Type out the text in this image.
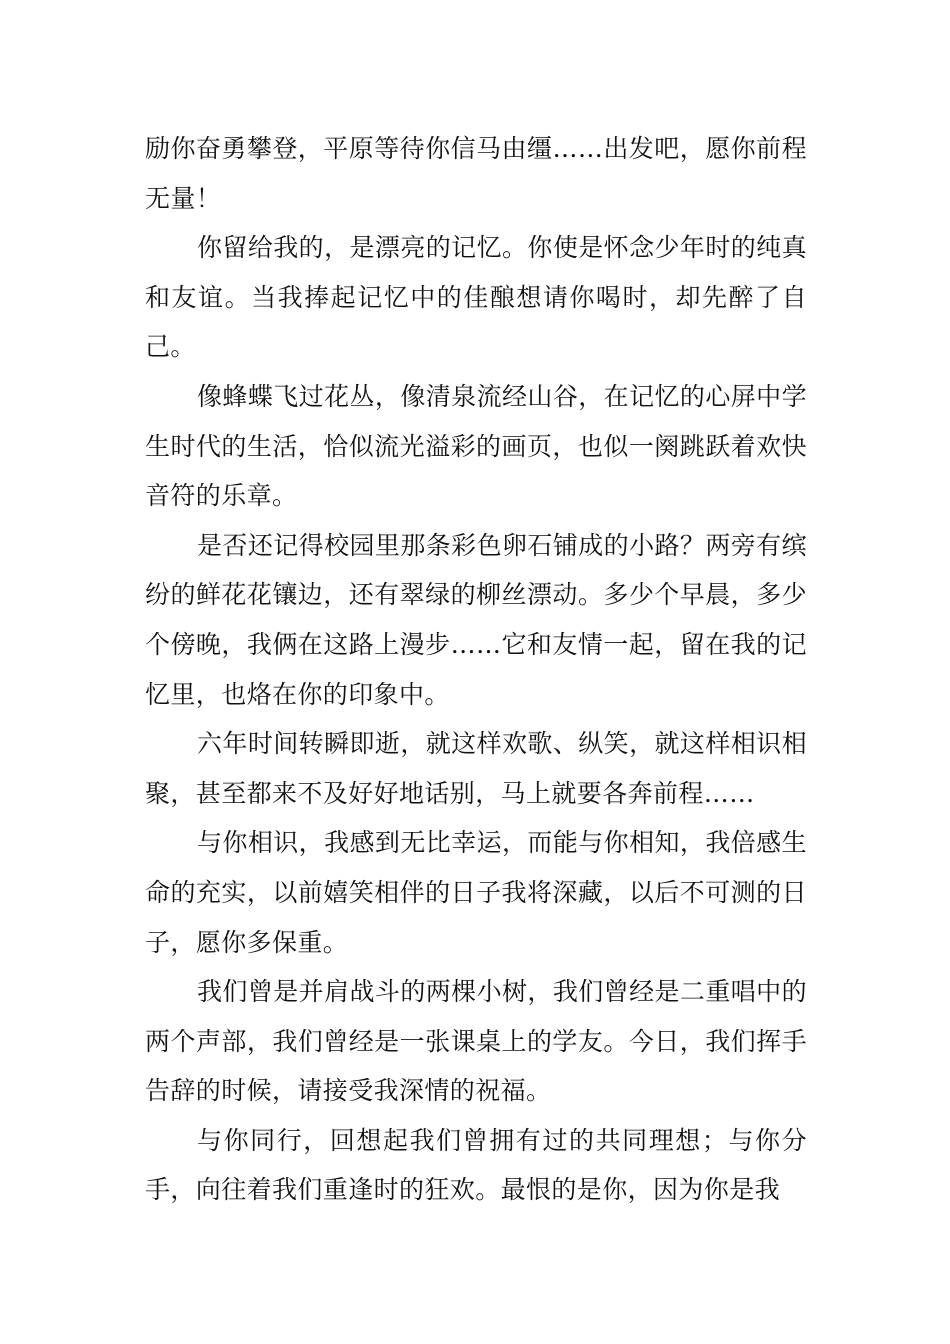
励你奋勇攀登，平原等待你信马由缰……出发吧，愿你前程无量！

你留给我的，是漂亮的记忆。你使是怀念少年时的纯真和友谊。当我捧起记忆中的佳酿想请你喝时，却先醉了自己。

像蜂蝶飞过花丛，像清泉流经山谷，在记忆的心屏中学生时代的生活，恰似流光溢彩的画页，也似一阕跳跃着欢快音符的乐章。

是否还记得校园里那条彩色卵石铺成的小路？两旁有缤纷的鲜花花镶边，还有翠绿的柳丝漂动。多少个早晨，多少个傍晚，我俩在这路上漫步……它和友情一起，留在我的记忆里，也烙在你的印象中。

六年时间转瞬即逝，就这样欢歌、纵笑，就这样相识相聚，甚至都来不及好好地话别，马上就要各奔前程……

与你相识，我感到无比幸运，而能与你相知，我倍感生命的充实，以前嬉笑相伴的日子我将深藏，以后不可测的日子，愿你多保重。

我们曾是并肩战斗的两棵小树，我们曾经是二重唱中的两个声部，我们曾经是一张课桌上的学友。今日，我们挥手告辞的时候，请接受我深情的祝福。

与你同行，回想起我们曾拥有过的共同理想；与你分手，向往着我们重逢时的狂欢。最恨的是你，因为你是我
